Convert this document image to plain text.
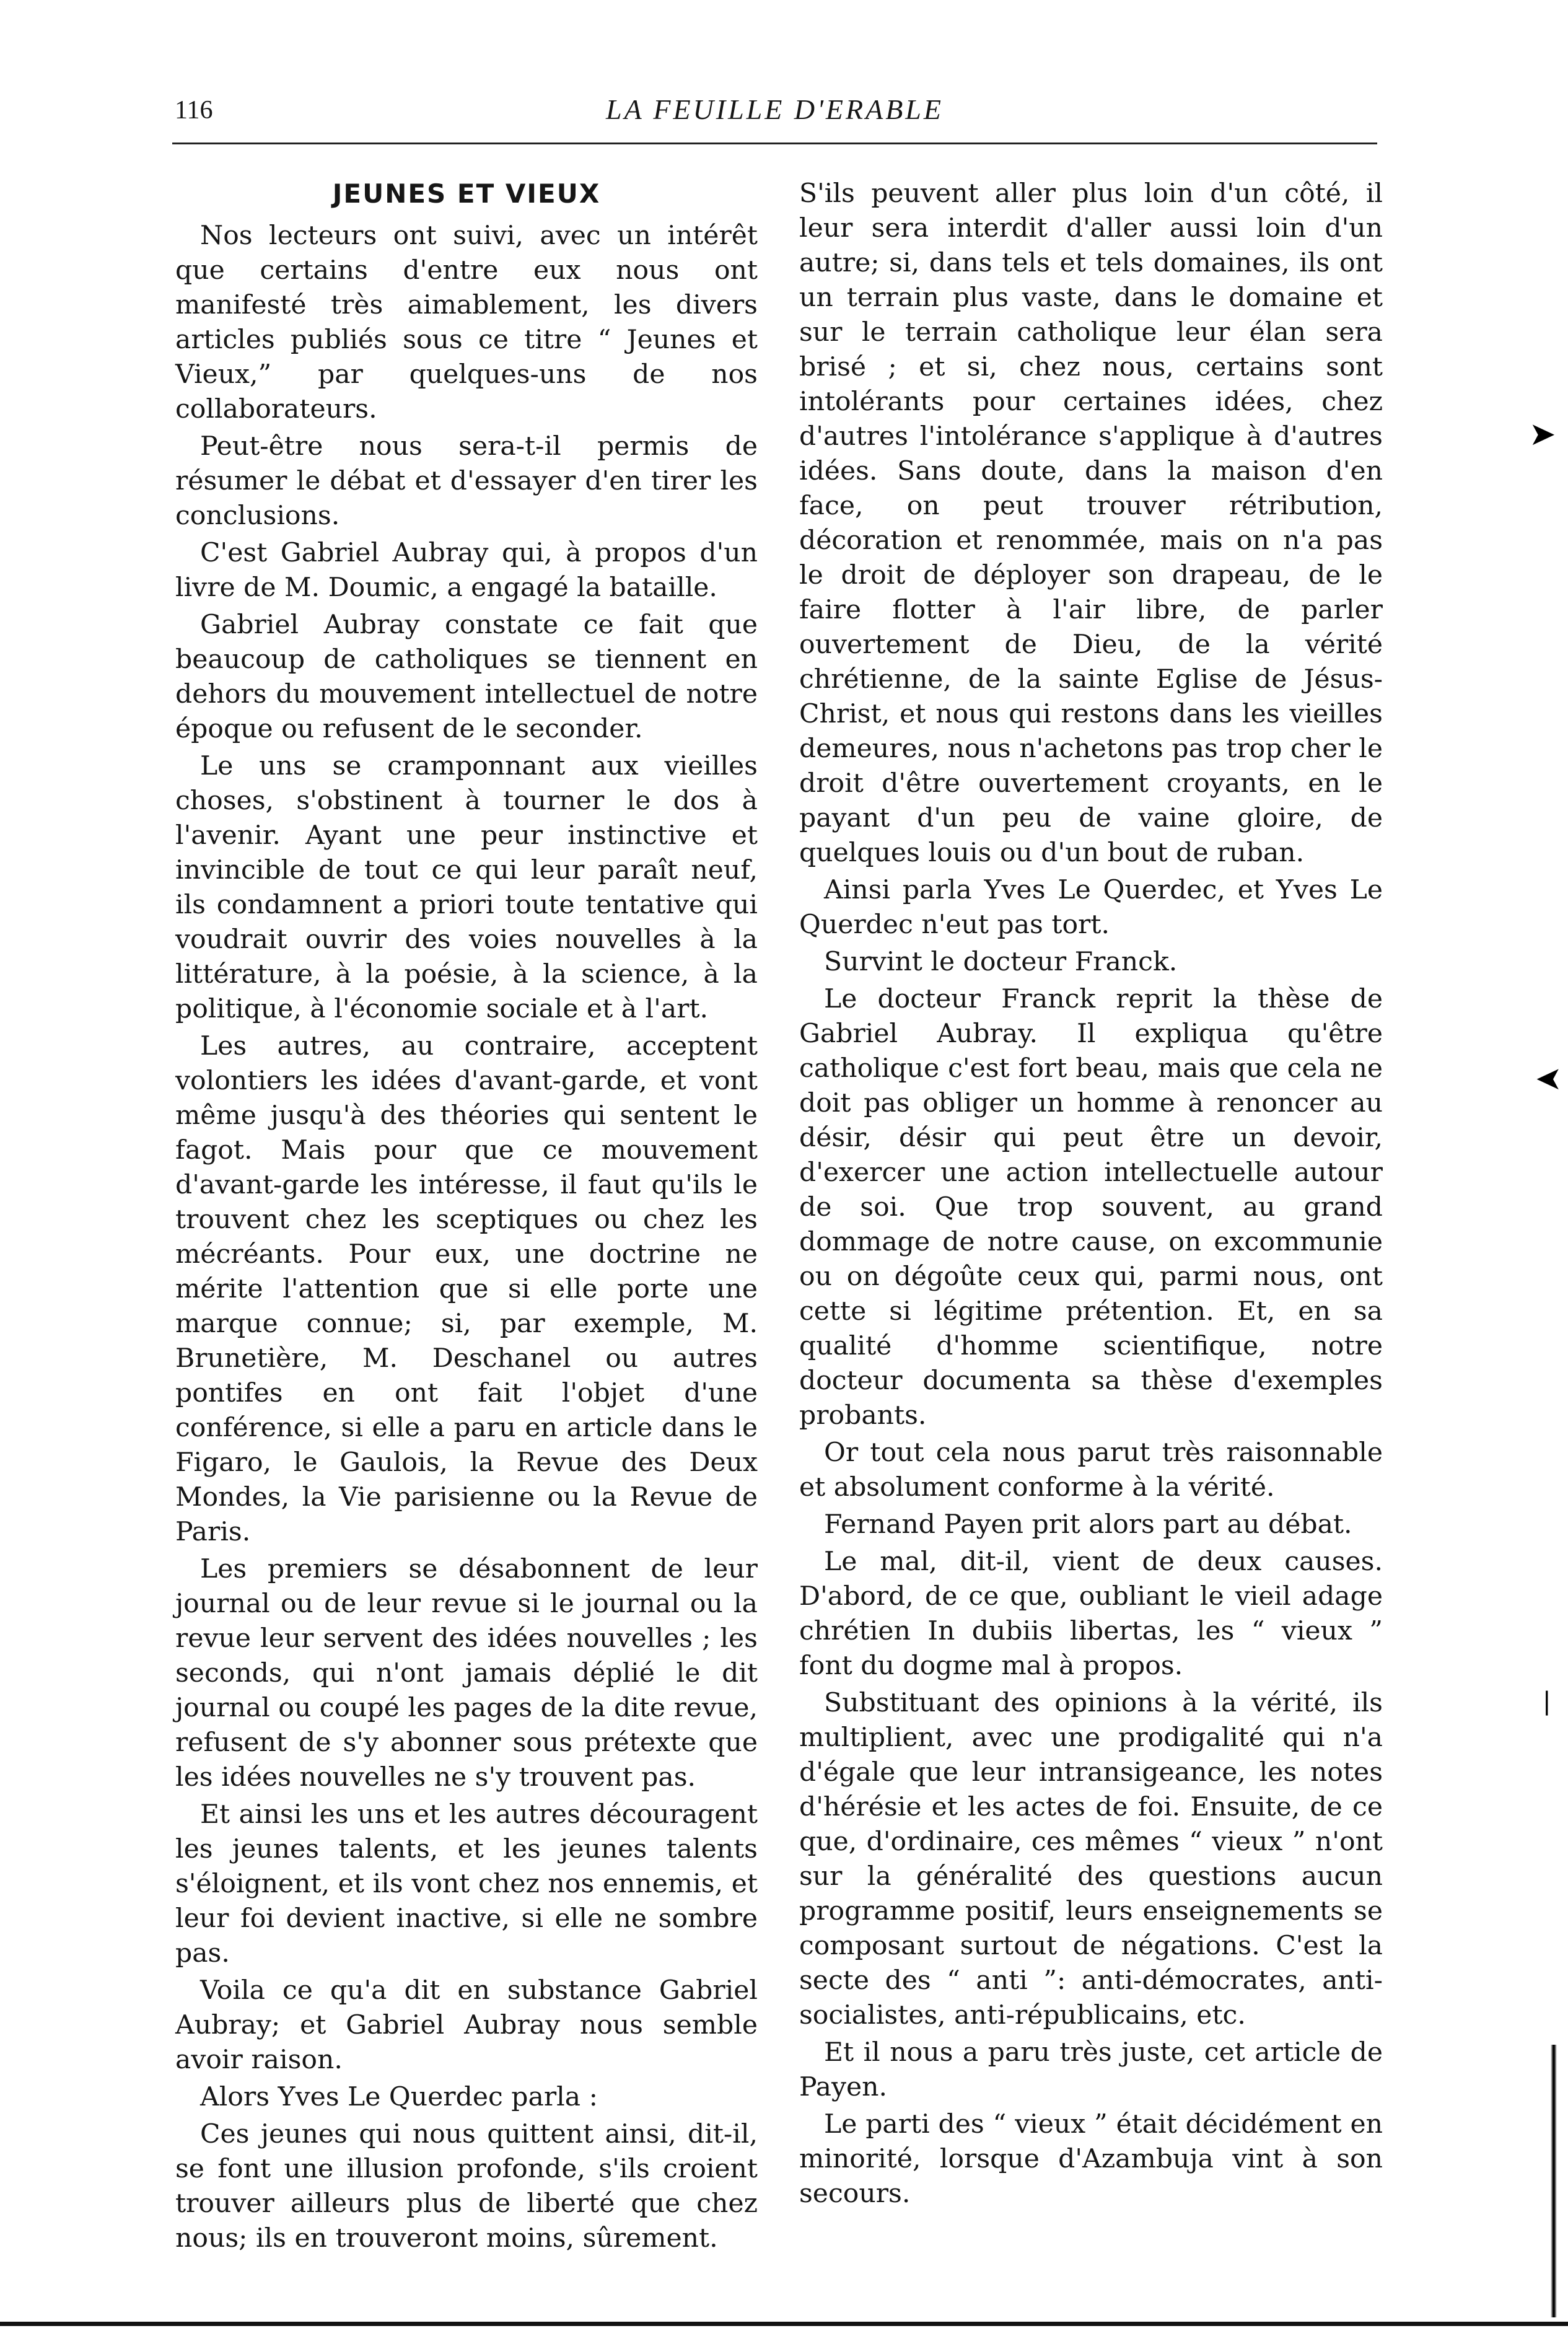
116	LA FEUILLE D'ERABLE
JEUNES ET VIEUX

Nos lecteurs ont suivi, avec un intérêt que certains d'entre eux nous ont manifesté très aimablement, les divers articles publiés sous ce titre “ Jeunes et Vieux,” par quelques-uns de nos collaborateurs.

Peut-être nous sera-t-il permis de résumer le débat et d'essayer d'en tirer les conclusions.

C'est Gabriel Aubray qui, à propos d'un livre de M. Doumic, a engagé la bataille.

Gabriel Aubray constate ce fait que beaucoup de catholiques se tiennent en dehors du mouvement intellectuel de notre époque ou refusent de le seconder.

Le uns se cramponnant aux vieilles choses, s'obstinent à tourner le dos à l'avenir. Ayant une peur instinctive et invincible de tout ce qui leur paraît neuf, ils condamnent a priori toute tentative qui voudrait ouvrir des voies nouvelles à la littérature, à la poésie, à la science, à la politique, à l'économie sociale et à l'art.

Les autres, au contraire, acceptent volontiers les idées d'avant-garde, et vont même jusqu'à des théories qui sentent le fagot. Mais pour que ce mouvement d'avant-garde les intéresse, il faut qu'ils le trouvent chez les sceptiques ou chez les mécréants. Pour eux, une doctrine ne mérite l'attention que si elle porte une marque connue; si, par exemple, M. Brunetière, M. Deschanel ou autres pontifes en ont fait l'objet d'une conférence, si elle a paru en article dans le Figaro, le Gaulois, la Revue des Deux Mondes, la Vie parisienne ou la Revue de Paris.

Les premiers se désabonnent de leur journal ou de leur revue si le journal ou la revue leur servent des idées nouvelles ; les seconds, qui n'ont jamais déplié le dit journal ou coupé les pages de la dite revue, refusent de s'y abonner sous prétexte que les idées nouvelles ne s'y trouvent pas.

Et ainsi les uns et les autres découragent les jeunes talents, et les jeunes talents s'éloignent, et ils vont chez nos ennemis, et leur foi devient inactive, si elle ne sombre pas.

Voila ce qu'a dit en substance Gabriel Aubray; et Gabriel Aubray nous semble avoir raison.

Alors Yves Le Querdec parla :

Ces jeunes qui nous quittent ainsi, dit-il, se font une illusion profonde, s'ils croient trouver ailleurs plus de liberté que chez nous; ils en trouveront moins, sûrement.

S'ils peuvent aller plus loin d'un côté, il leur sera interdit d'aller aussi loin d'un autre; si, dans tels et tels domaines, ils ont un terrain plus vaste, dans le domaine et sur le terrain catholique leur élan sera brisé ; et si, chez nous, certains sont intolérants pour certaines idées, chez d'autres l'intolérance s'applique à d'autres idées. Sans doute, dans la maison d'en face, on peut trouver rétribution, décoration et renommée, mais on n'a pas le droit de déployer son drapeau, de le faire flotter à l'air libre, de parler ouvertement de Dieu, de la vérité chrétienne, de la sainte Eglise de Jésus-Christ, et nous qui restons dans les vieilles demeures, nous n'achetons pas trop cher le droit d'être ouvertement croyants, en le payant d'un peu de vaine gloire, de quelques louis ou d'un bout de ruban.

Ainsi parla Yves Le Querdec, et Yves Le Querdec n'eut pas tort.

Survint le docteur Franck.

Le docteur Franck reprit la thèse de Gabriel Aubray. Il expliqua qu'être catholique c'est fort beau, mais que cela ne doit pas obliger un homme à renoncer au désir, désir qui peut être un devoir, d'exercer une action intellectuelle autour de soi. Que trop souvent, au grand dommage de notre cause, on excommunie ou on dégoûte ceux qui, parmi nous, ont cette si légitime prétention. Et, en sa qualité d'homme scientifique, notre docteur documenta sa thèse d'exemples probants.

Or tout cela nous parut très raisonnable et absolument conforme à la vérité.

Fernand Payen prit alors part au débat.

Le mal, dit-il, vient de deux causes. D'abord, de ce que, oubliant le vieil adage chrétien In dubiis libertas, les “ vieux ” font du dogme mal à propos.

Substituant des opinions à la vérité, ils multiplient, avec une prodigalité qui n'a d'égale que leur intransigeance, les notes d'hérésie et les actes de foi. Ensuite, de ce que, d'ordinaire, ces mêmes “ vieux ” n'ont sur la généralité des questions aucun programme positif, leurs enseignements se composant surtout de négations. C'est la secte des “ anti ”: anti-démocrates, anti-socialistes, anti-républicains, etc.

Et il nous a paru très juste, cet article de Payen.

Le parti des “ vieux ” était décidément en minorité, lorsque d'Azambuja vint à son secours.

➤
➤
❘
